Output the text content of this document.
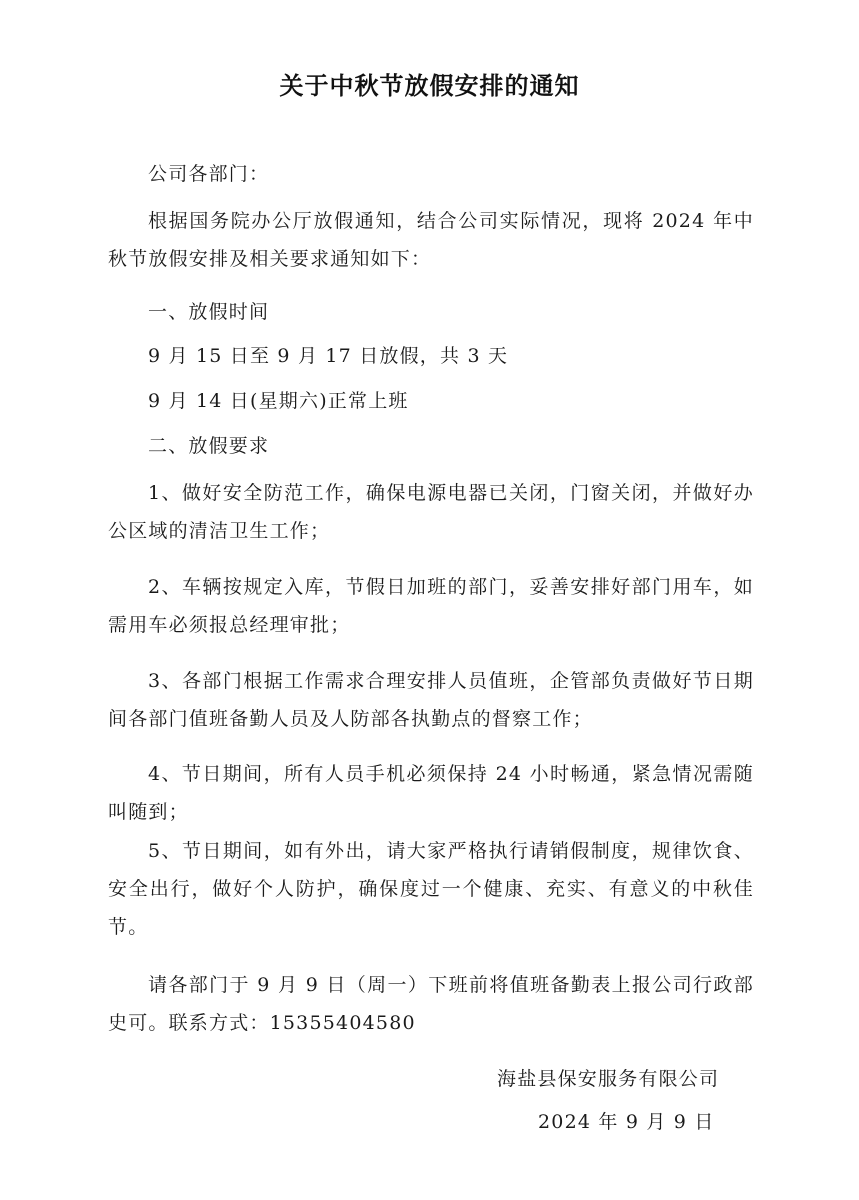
关于中秋节放假安排的通知
公司各部门：
根据国务院办公厅放假通知，结合公司实际情况，现将 2024 年中秋节放假安排及相关要求通知如下：
一、放假时间
9 月 15 日至 9 月 17 日放假，共 3 天
9 月 14 日(星期六)正常上班
二、放假要求
1、做好安全防范工作，确保电源电器已关闭，门窗关闭，并做好办公区域的清洁卫生工作；
2、车辆按规定入库，节假日加班的部门，妥善安排好部门用车，如需用车必须报总经理审批；
3、各部门根据工作需求合理安排人员值班，企管部负责做好节日期间各部门值班备勤人员及人防部各执勤点的督察工作；
4、节日期间，所有人员手机必须保持 24 小时畅通，紧急情况需随叫随到；
5、节日期间，如有外出，请大家严格执行请销假制度，规律饮食、安全出行，做好个人防护，确保度过一个健康、充实、有意义的中秋佳节。
请各部门于 9 月 9 日（周一）下班前将值班备勤表上报公司行政部史可。联系方式：15355404580
海盐县保安服务有限公司
2024 年 9 月 9 日
